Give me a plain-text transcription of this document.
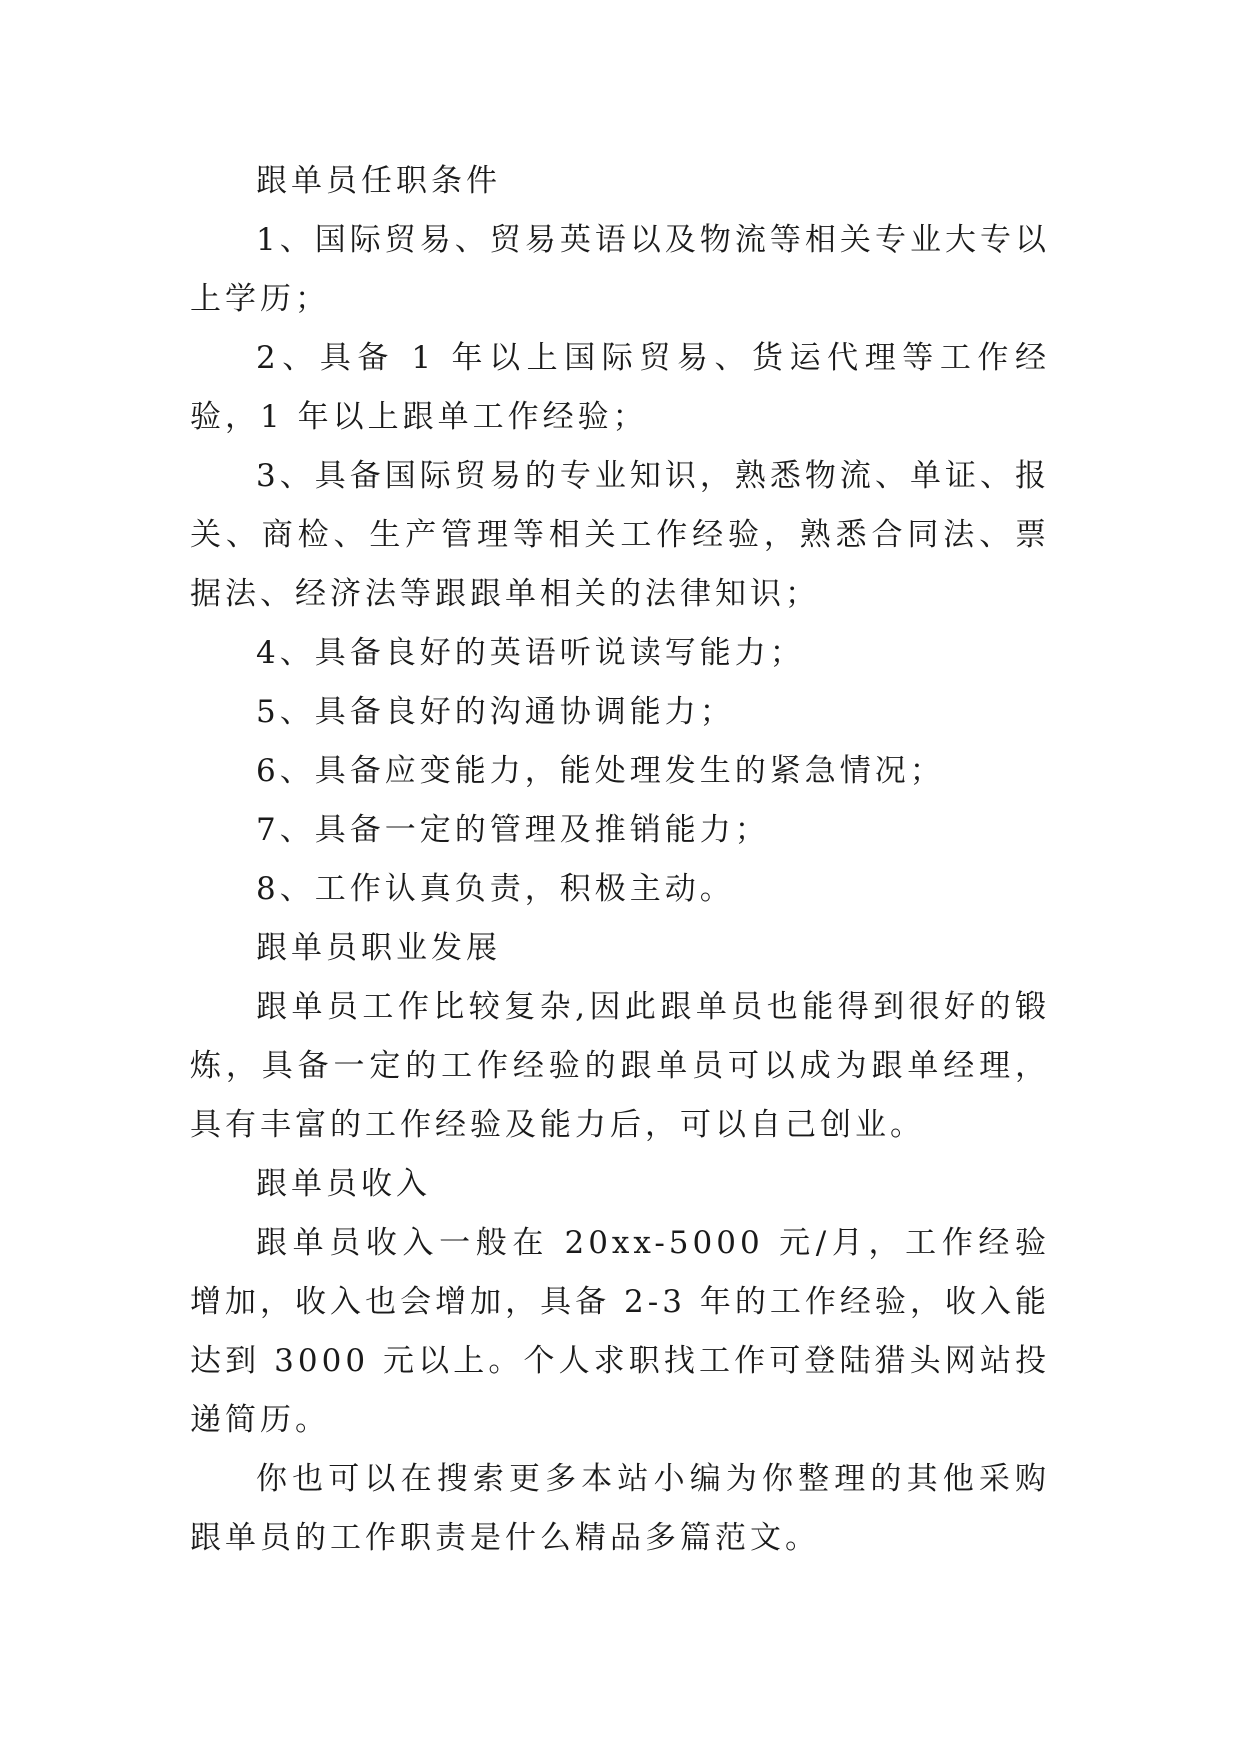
跟单员任职条件

1、国际贸易、贸易英语以及物流等相关专业大专以上学历；

2、具备 1 年以上国际贸易、货运代理等工作经验，1 年以上跟单工作经验；

3、具备国际贸易的专业知识，熟悉物流、单证、报关、商检、生产管理等相关工作经验，熟悉合同法、票据法、经济法等跟跟单相关的法律知识；

4、具备良好的英语听说读写能力；

5、具备良好的沟通协调能力；

6、具备应变能力，能处理发生的紧急情况；

7、具备一定的管理及推销能力；

8、工作认真负责，积极主动。

跟单员职业发展

跟单员工作比较复杂,因此跟单员也能得到很好的锻炼，具备一定的工作经验的跟单员可以成为跟单经理，具有丰富的工作经验及能力后，可以自己创业。

跟单员收入

跟单员收入一般在 20xx-5000 元/月，工作经验增加，收入也会增加，具备 2-3 年的工作经验，收入能达到 3000 元以上。个人求职找工作可登陆猎头网站投递简历。

你也可以在搜索更多本站小编为你整理的其他采购跟单员的工作职责是什么精品多篇范文。
